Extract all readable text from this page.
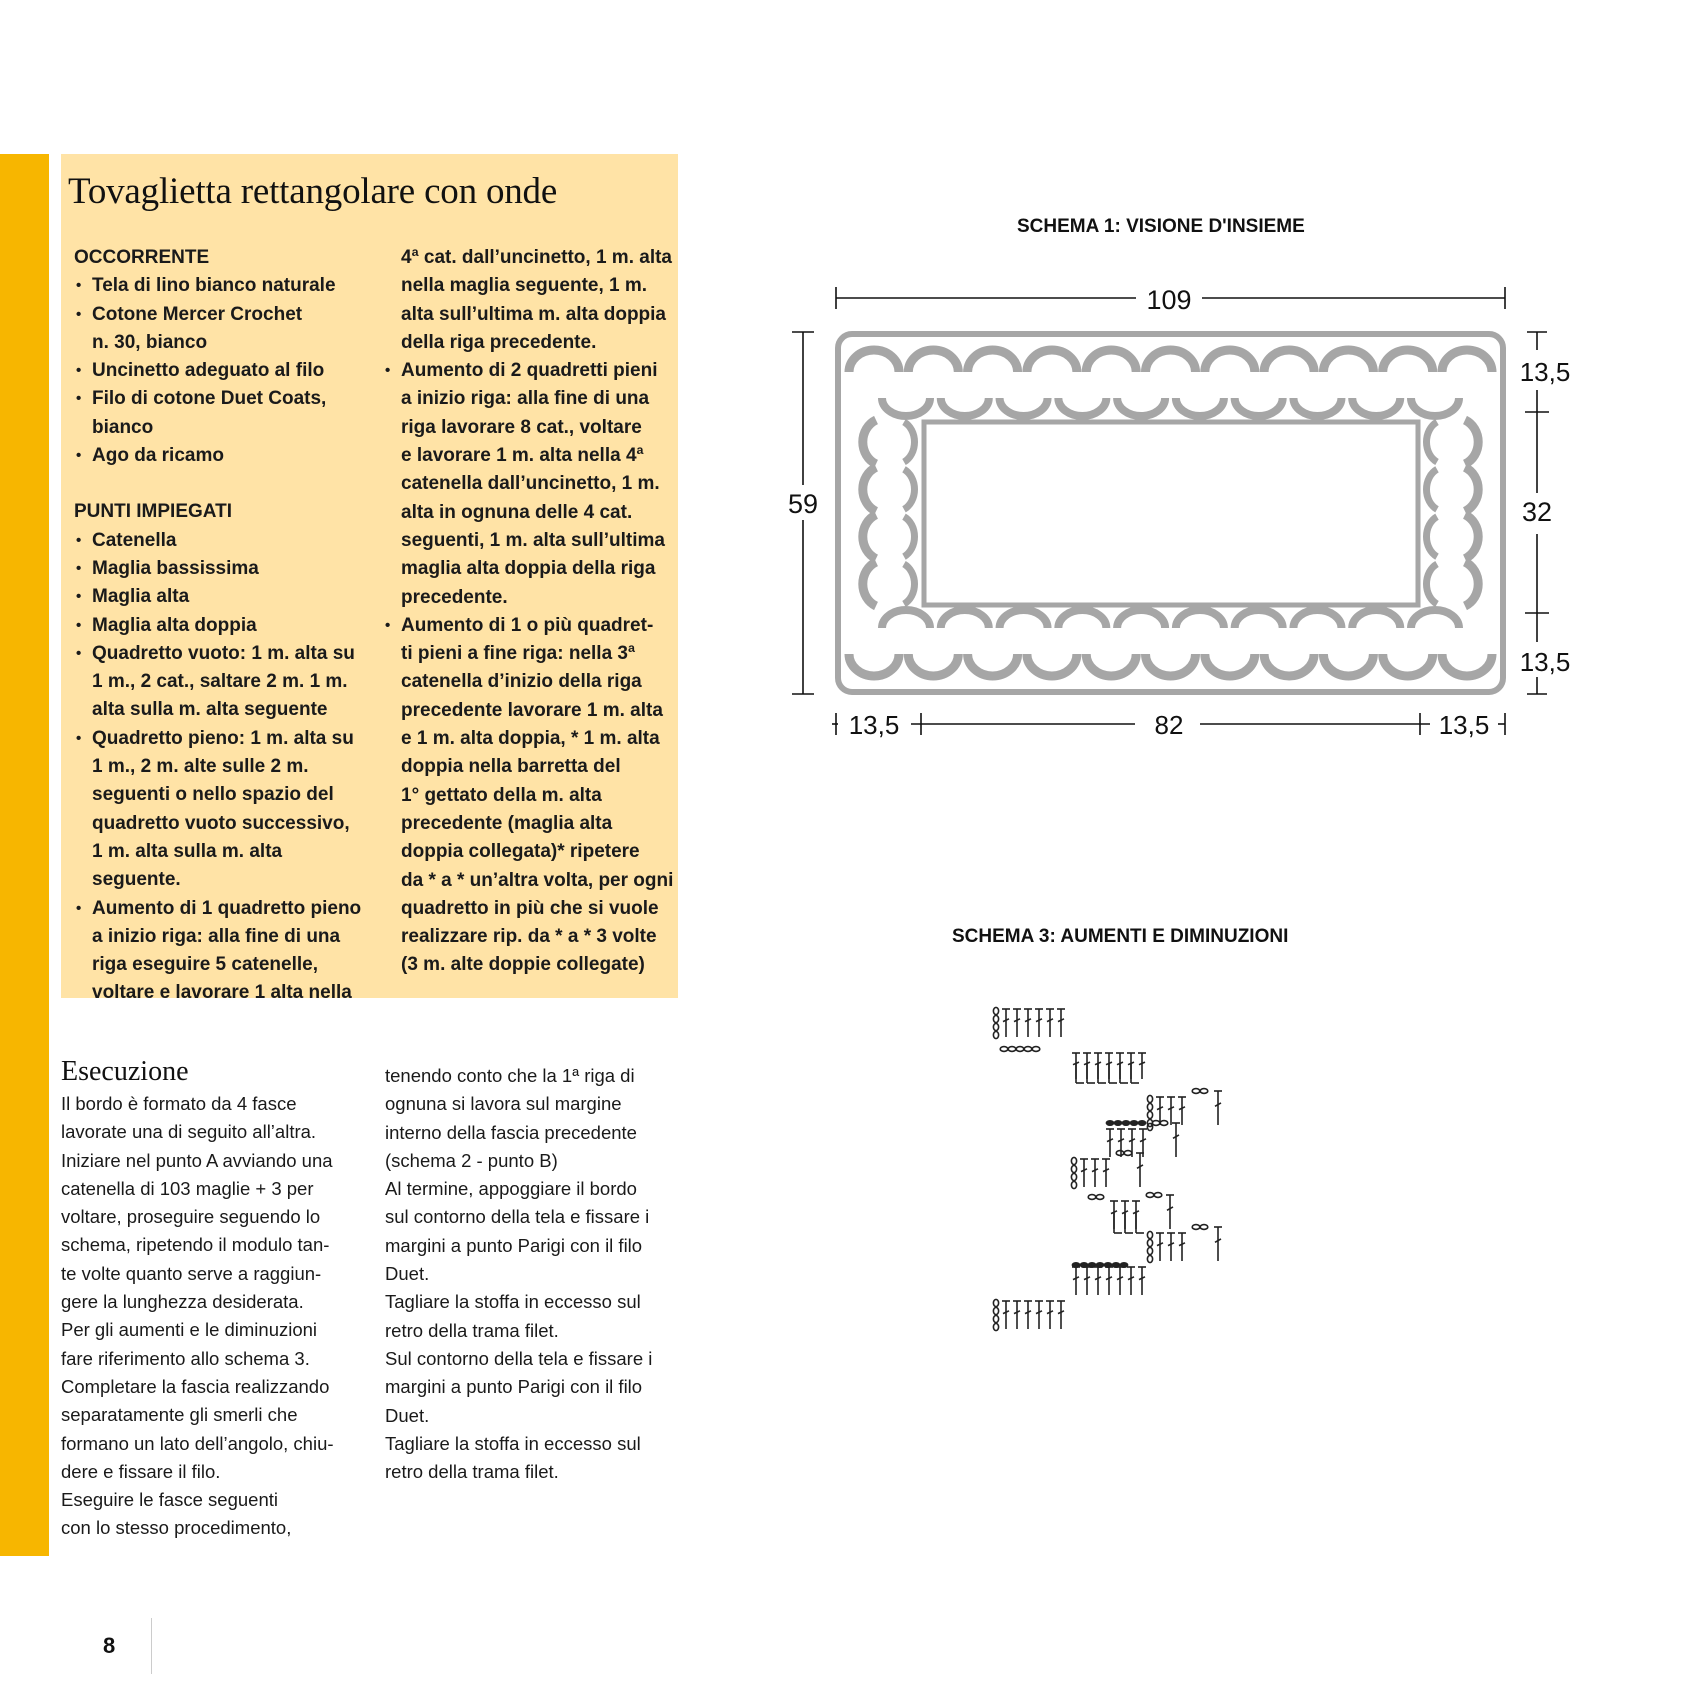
Tovaglietta rettangolare con onde
OCCORRENTE
• Tela di lino bianco naturale
• Cotone Mercer Crochet
n. 30, bianco
• Uncinetto adeguato al filo
• Filo di cotone Duet Coats,
bianco
• Ago da ricamo
PUNTI IMPIEGATI
• Catenella
• Maglia bassissima
• Maglia alta
• Maglia alta doppia
• Quadretto vuoto: 1 m. alta su
1 m., 2 cat., saltare 2 m. 1 m.
alta sulla m. alta seguente
• Quadretto pieno: 1 m. alta su
1 m., 2 m. alte sulle 2 m.
seguenti o nello spazio del
quadretto vuoto successivo,
1 m. alta sulla m. alta seguente.
• Aumento di 1 quadretto pieno
a inizio riga: alla fine di una
riga eseguire 5 catenelle,
voltare e lavorare 1 alta nella
4ª cat. dall’uncinetto, 1 m. alta
nella maglia seguente, 1 m.
alta sull’ultima m. alta doppia
della riga precedente.
• Aumento di 2 quadretti pieni
a inizio riga: alla fine di una
riga lavorare 8 cat., voltare
e lavorare 1 m. alta nella 4ª
catenella dall’uncinetto, 1 m.
alta in ognuna delle 4 cat.
seguenti, 1 m. alta sull’ultima
maglia alta doppia della riga
precedente.
• Aumento di 1 o più quadret-
ti pieni a fine riga: nella 3ª
catenella d’inizio della riga
precedente lavorare 1 m. alta
e 1 m. alta doppia, * 1 m. alta
doppia nella barretta del
1° gettato della m. alta
precedente (maglia alta
doppia collegata)* ripetere
da * a * un’altra volta, per ogni
quadretto in più che si vuole
realizzare rip. da * a * 3 volte
(3 m. alte doppie collegate)
Esecuzione
Il bordo è formato da 4 fasce
lavorate una di seguito all’altra.
Iniziare nel punto A avviando una
catenella di 103 maglie + 3 per
voltare, proseguire seguendo lo
schema, ripetendo il modulo tan-
te volte quanto serve a raggiun-
gere la lunghezza desiderata.
Per gli aumenti e le diminuzioni
fare riferimento allo schema 3.
Completare la fascia realizzando
separatamente gli smerli che
formano un lato dell’angolo, chiu-
dere e fissare il filo.
Eseguire le fasce seguenti
con lo stesso procedimento,
tenendo conto che la 1ª riga di
ognuna si lavora sul margine
interno della fascia precedente
(schema 2 - punto B)
Al termine, appoggiare il bordo
sul contorno della tela e fissare i
margini a punto Parigi con il filo
Duet.
Tagliare la stoffa in eccesso sul
retro della trama filet.
Sul contorno della tela e fissare i
margini a punto Parigi con il filo
Duet.
Tagliare la stoffa in eccesso sul
retro della trama filet.
SCHEMA 1: VISIONE D'INSIEME
109
59
13,5
32
13,5
13,5	82	13,5
SCHEMA 3: AUMENTI E DIMINUZIONI
8
